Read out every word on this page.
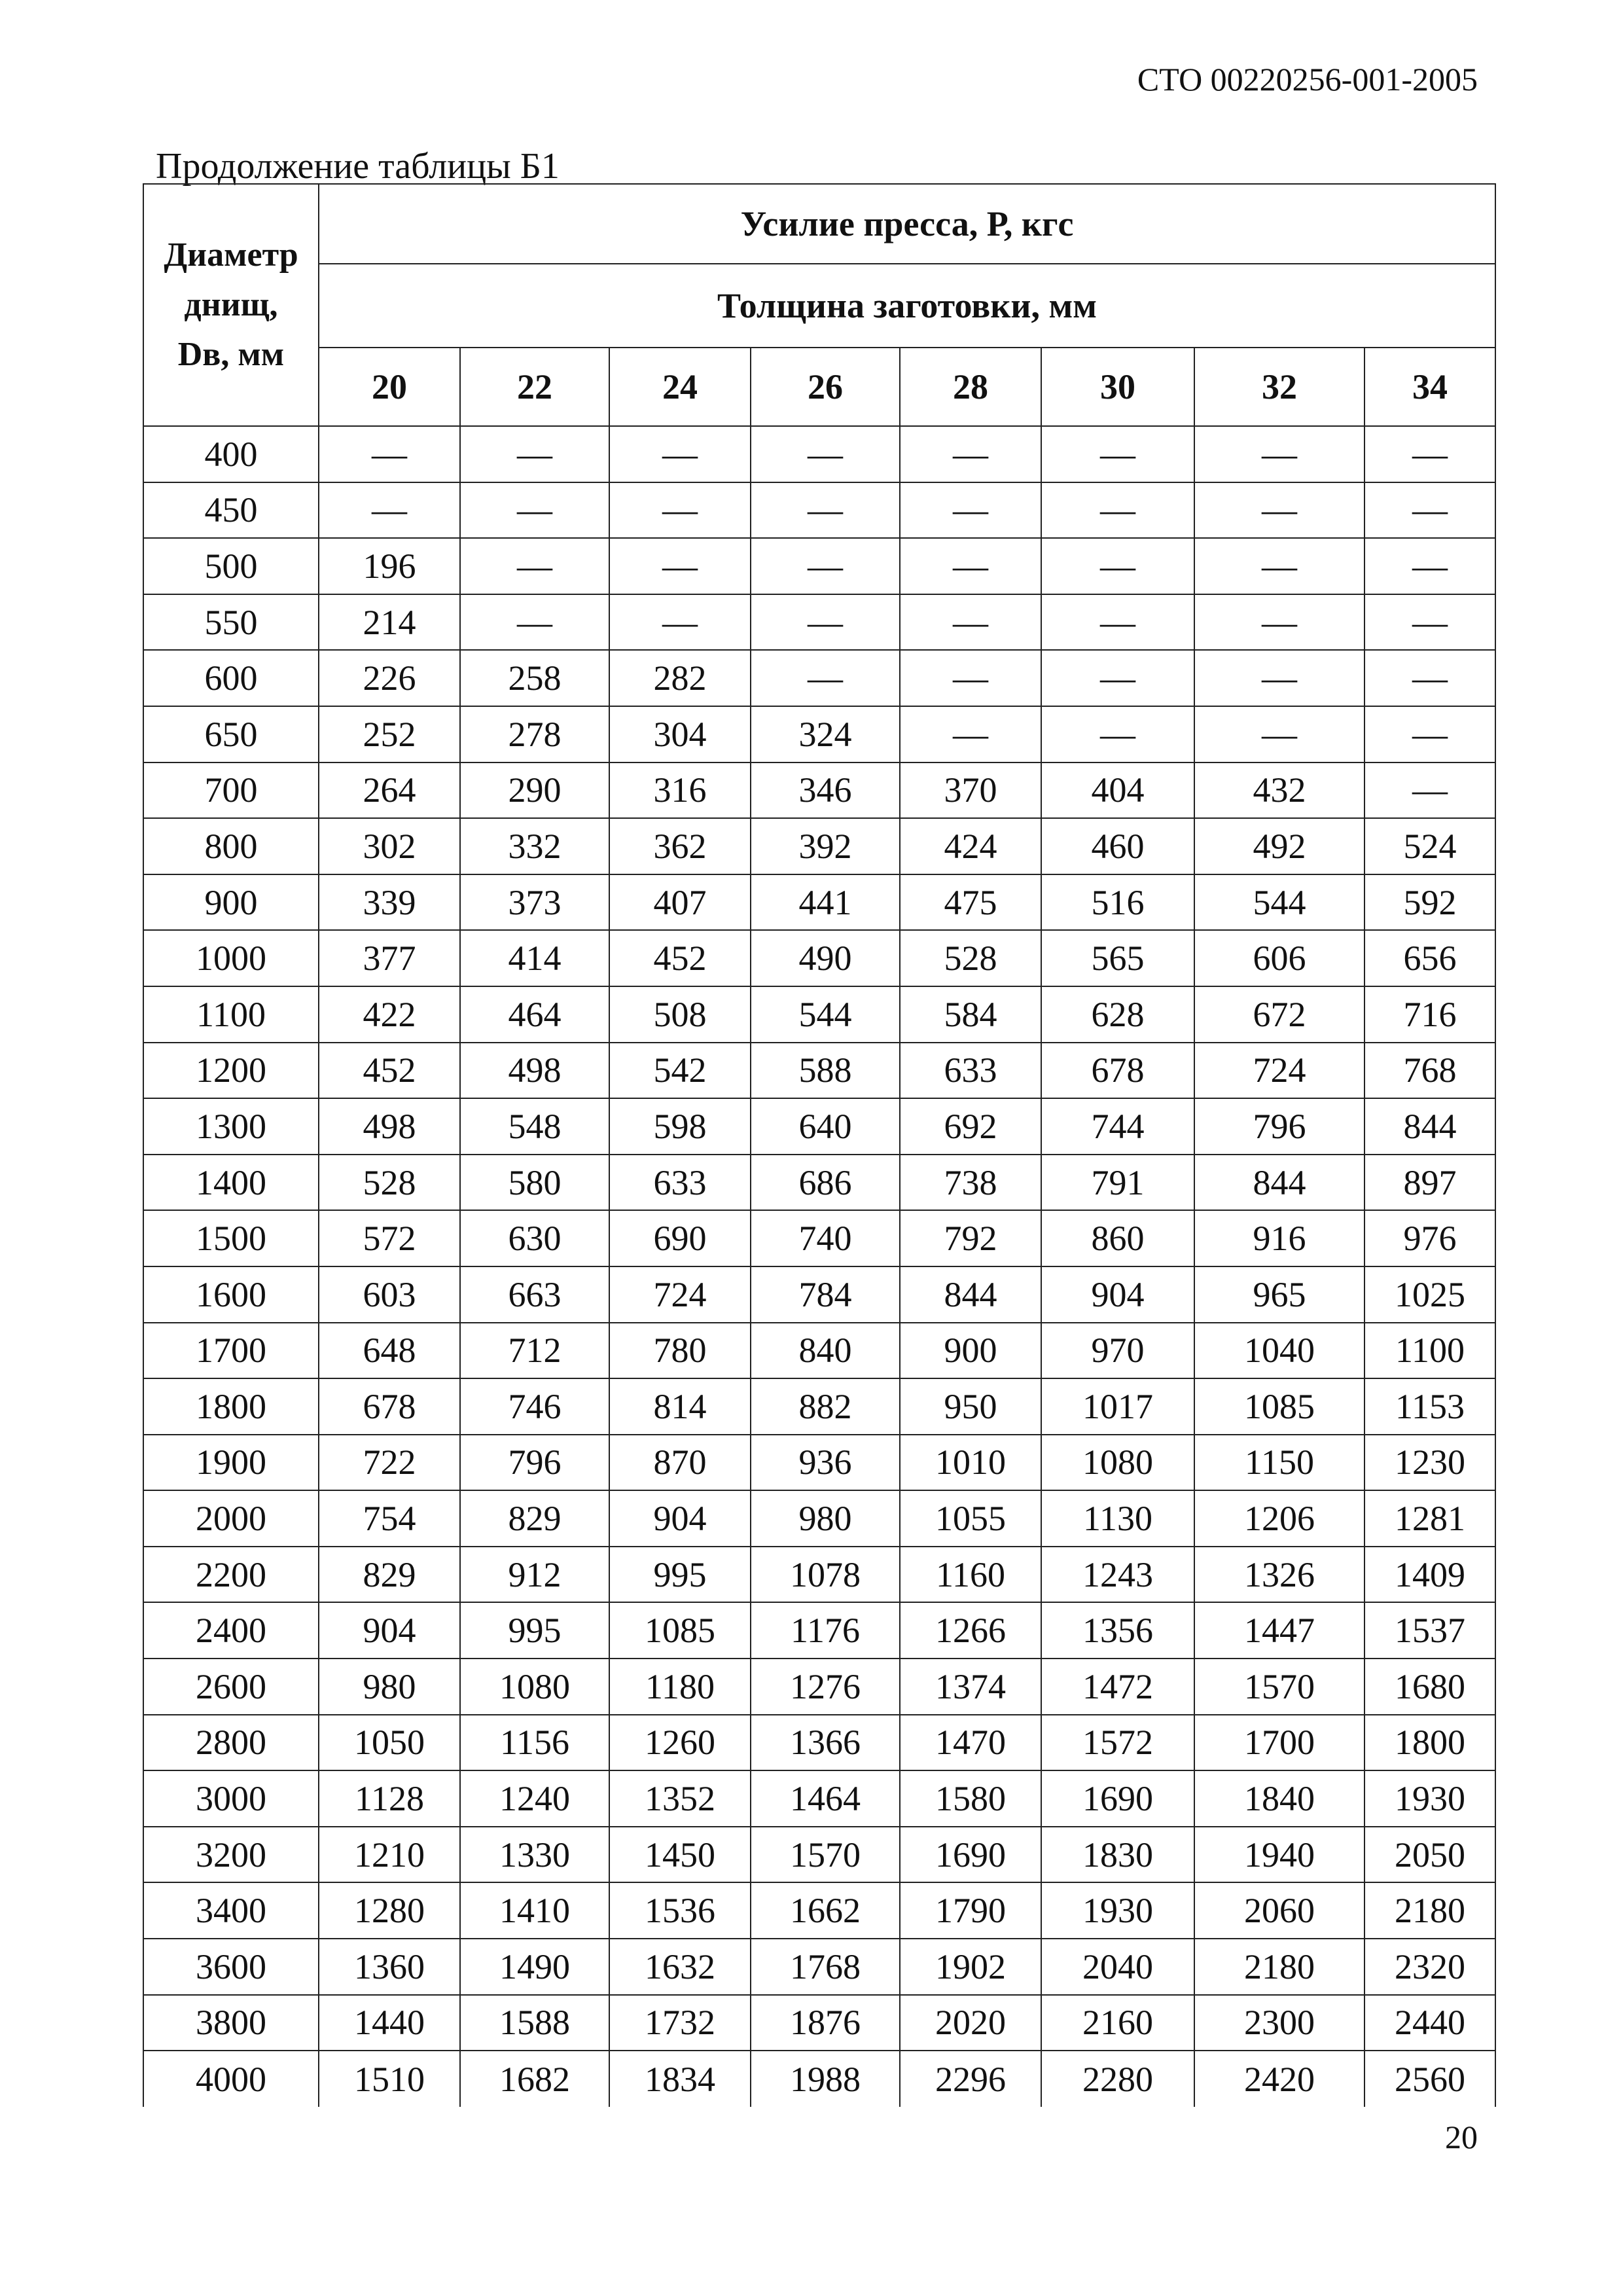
СТО 00220256-001-2005
Продолжение таблицы Б1
Диаметр
днищ,
Dв, мм	Усилие пресса, Р, кгс							
	Толщина заготовки, мм							
	20	22	24	26	28	30	32	34
400	—	—	—	—	—	—	—	—
450	—	—	—	—	—	—	—	—
500	196	—	—	—	—	—	—	—
550	214	—	—	—	—	—	—	—
600	226	258	282	—	—	—	—	—
650	252	278	304	324	—	—	—	—
700	264	290	316	346	370	404	432	—
800	302	332	362	392	424	460	492	524
900	339	373	407	441	475	516	544	592
1000	377	414	452	490	528	565	606	656
1100	422	464	508	544	584	628	672	716
1200	452	498	542	588	633	678	724	768
1300	498	548	598	640	692	744	796	844
1400	528	580	633	686	738	791	844	897
1500	572	630	690	740	792	860	916	976
1600	603	663	724	784	844	904	965	1025
1700	648	712	780	840	900	970	1040	1100
1800	678	746	814	882	950	1017	1085	1153
1900	722	796	870	936	1010	1080	1150	1230
2000	754	829	904	980	1055	1130	1206	1281
2200	829	912	995	1078	1160	1243	1326	1409
2400	904	995	1085	1176	1266	1356	1447	1537
2600	980	1080	1180	1276	1374	1472	1570	1680
2800	1050	1156	1260	1366	1470	1572	1700	1800
3000	1128	1240	1352	1464	1580	1690	1840	1930
3200	1210	1330	1450	1570	1690	1830	1940	2050
3400	1280	1410	1536	1662	1790	1930	2060	2180
3600	1360	1490	1632	1768	1902	2040	2180	2320
3800	1440	1588	1732	1876	2020	2160	2300	2440
4000	1510	1682	1834	1988	2296	2280	2420	2560
20
